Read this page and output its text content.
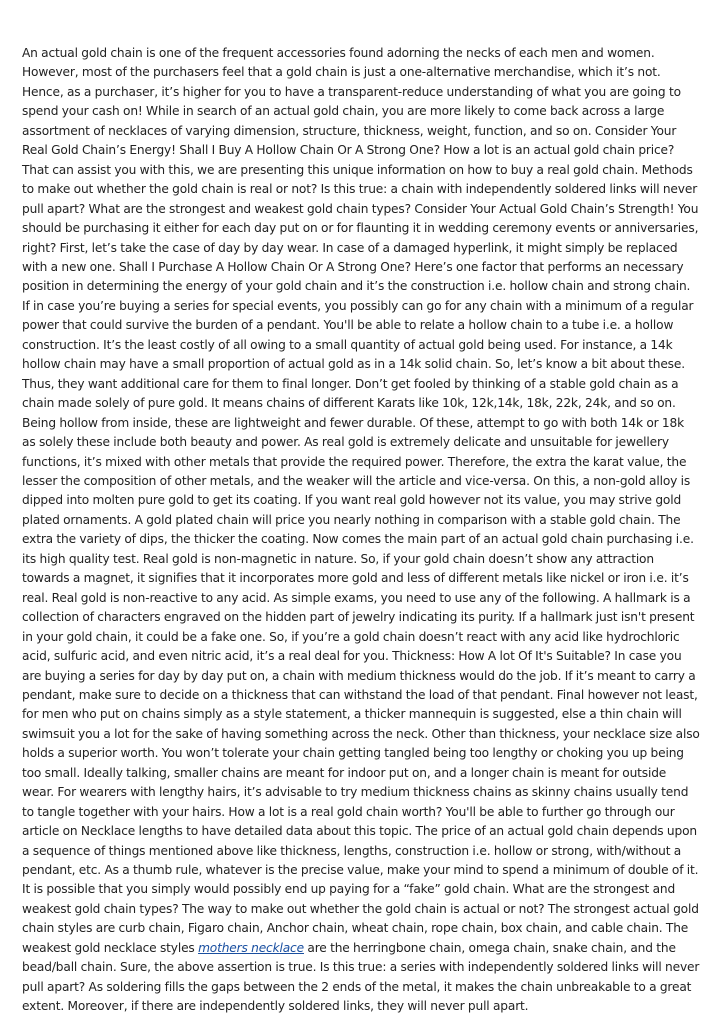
An actual gold chain is one of the frequent accessories found adorning the necks of each men and women. However, most of the purchasers feel that a gold chain is just a one-alternative merchandise, which it’s not. Hence, as a purchaser, it’s higher for you to have a transparent-reduce understanding of what you are going to spend your cash on! While in search of an actual gold chain, you are more likely to come back across a large assortment of necklaces of varying dimension, structure, thickness, weight, function, and so on. Consider Your Real Gold Chain’s Energy! Shall I Buy A Hollow Chain Or A Strong One? How a lot is an actual gold chain price? That can assist you with this, we are presenting this unique information on how to buy a real gold chain. Methods to make out whether the gold chain is real or not? Is this true: a chain with independently soldered links will never pull apart? What are the strongest and weakest gold chain types? Consider Your Actual Gold Chain’s Strength! You should be purchasing it either for each day put on or for flaunting it in wedding ceremony events or anniversaries, right? First, let’s take the case of day by day wear. In case of a damaged hyperlink, it might simply be replaced with a new one. Shall I Purchase A Hollow Chain Or A Strong One? Here’s one factor that performs an necessary position in determining the energy of your gold chain and it’s the construction i.e. hollow chain and strong chain. If in case you’re buying a series for special events, you possibly can go for any chain with a minimum of a regular power that could survive the burden of a pendant. You'll be able to relate a hollow chain to a tube i.e. a hollow construction. It’s the least costly of all owing to a small quantity of actual gold being used. For instance, a 14k hollow chain may have a small proportion of actual gold as in a 14k solid chain. So, let’s know a bit about these. Thus, they want additional care for them to final longer. Don’t get fooled by thinking of a stable gold chain as a chain made solely of pure gold. It means chains of different Karats like 10k, 12k,14k, 18k, 22k, 24k, and so on. Being hollow from inside, these are lightweight and fewer durable. Of these, attempt to go with both 14k or 18k as solely these include both beauty and power. As real gold is extremely delicate and unsuitable for jewellery functions, it’s mixed with other metals that provide the required power. Therefore, the extra the karat value, the lesser the composition of other metals, and the weaker will the article and vice-versa. On this, a non-gold alloy is dipped into molten pure gold to get its coating. If you want real gold however not its value, you may strive gold plated ornaments. A gold plated chain will price you nearly nothing in comparison with a stable gold chain. The extra the variety of dips, the thicker the coating. Now comes the main part of an actual gold chain purchasing i.e. its high quality test. Real gold is non-magnetic in nature. So, if your gold chain doesn’t show any attraction towards a magnet, it signifies that it incorporates more gold and less of different metals like nickel or iron i.e. it’s real. Real gold is non-reactive to any acid. As simple exams, you need to use any of the following. A hallmark is a collection of characters engraved on the hidden part of jewelry indicating its purity. If a hallmark just isn't present in your gold chain, it could be a fake one. So, if you’re a gold chain doesn’t react with any acid like hydrochloric acid, sulfuric acid, and even nitric acid, it’s a real deal for you. Thickness: How A lot Of It's Suitable? In case you are buying a series for day by day put on, a chain with medium thickness would do the job. If it’s meant to carry a pendant, make sure to decide on a thickness that can withstand the load of that pendant. Final however not least, for men who put on chains simply as a style statement, a thicker mannequin is suggested, else a thin chain will swimsuit you a lot for the sake of having something across the neck. Other than thickness, your necklace size also holds a superior worth. You won’t tolerate your chain getting tangled being too lengthy or choking you up being too small. Ideally talking, smaller chains are meant for indoor put on, and a longer chain is meant for outside wear. For wearers with lengthy hairs, it’s advisable to try medium thickness chains as skinny chains usually tend to tangle together with your hairs. How a lot is a real gold chain worth? You'll be able to further go through our article on Necklace lengths to have detailed data about this topic. The price of an actual gold chain depends upon a sequence of things mentioned above like thickness, lengths, construction i.e. hollow or strong, with/without a pendant, etc. As a thumb rule, whatever is the precise value, make your mind to spend a minimum of double of it. It is possible that you simply would possibly end up paying for a “fake” gold chain. What are the strongest and weakest gold chain types? The way to make out whether the gold chain is actual or not? The strongest actual gold chain styles are curb chain, Figaro chain, Anchor chain, wheat chain, rope chain, box chain, and cable chain. The weakest gold necklace styles mothers necklace are the herringbone chain, omega chain, snake chain, and the bead/ball chain. Sure, the above assertion is true. Is this true: a series with independently soldered links will never pull apart? As soldering fills the gaps between the 2 ends of the metal, it makes the chain unbreakable to a great extent. Moreover, if there are independently soldered links, they will never pull apart.
